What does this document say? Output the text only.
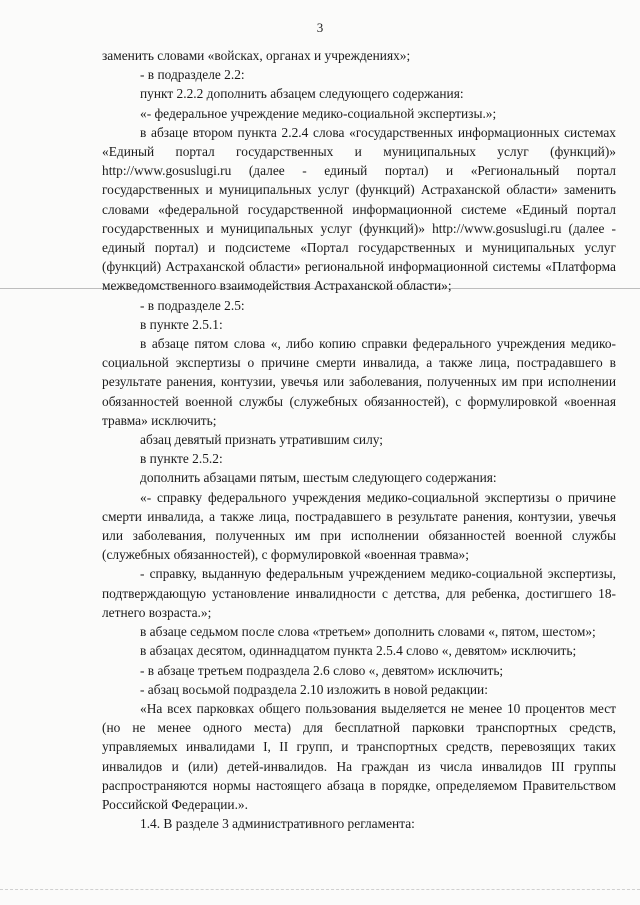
3

заменить словами «войсках, органах и учреждениях»;

- в подразделе 2.2:

пункт 2.2.2 дополнить абзацем следующего содержания:

«- федеральное учреждение медико-социальной экспертизы.»;

в абзаце втором пункта 2.2.4 слова «государственных информационных системах «Единый портал государственных и муниципальных услуг (функций)» http://www.gosuslugi.ru (далее - единый портал) и «Региональный портал государственных и муниципальных услуг (функций) Астраханской области» заменить словами «федеральной государственной информационной системе «Единый портал государственных и муниципальных услуг (функций)» http://www.gosuslugi.ru (далее - единый портал) и подсистеме «Портал государственных и муниципальных услуг (функций) Астраханской области» региональной информационной системы «Платформа межведомственного взаимодействия Астраханской области»;

- в подразделе 2.5:

в пункте 2.5.1:

в абзаце пятом слова «, либо копию справки федерального учреждения медико-социальной экспертизы о причине смерти инвалида, а также лица, пострадавшего в результате ранения, контузии, увечья или заболевания, полученных им при исполнении обязанностей военной службы (служебных обязанностей), с формулировкой «военная травма» исключить;

абзац девятый признать утратившим силу;

в пункте 2.5.2:

дополнить абзацами пятым, шестым следующего содержания:

«- справку федерального учреждения медико-социальной экспертизы о причине смерти инвалида, а также лица, пострадавшего в результате ранения, контузии, увечья или заболевания, полученных им при исполнении обязанностей военной службы (служебных обязанностей), с формулировкой «военная травма»;

- справку, выданную федеральным учреждением медико-социальной экспертизы, подтверждающую установление инвалидности с детства, для ребенка, достигшего 18-летнего возраста.»;

в абзаце седьмом после слова «третьем» дополнить словами «, пятом, шестом»;

в абзацах десятом, одиннадцатом пункта 2.5.4 слово «, девятом» исключить;

- в абзаце третьем подраздела 2.6 слово «, девятом» исключить;

- абзац восьмой подраздела 2.10 изложить в новой редакции:

«На всех парковках общего пользования выделяется не менее 10 процентов мест (но не менее одного места) для бесплатной парковки транспортных средств, управляемых инвалидами I, II групп, и транспортных средств, перевозящих таких инвалидов и (или) детей-инвалидов. На граждан из числа инвалидов III группы распространяются нормы настоящего абзаца в порядке, определяемом Правительством Российской Федерации.».

1.4. В разделе 3 административного регламента:
